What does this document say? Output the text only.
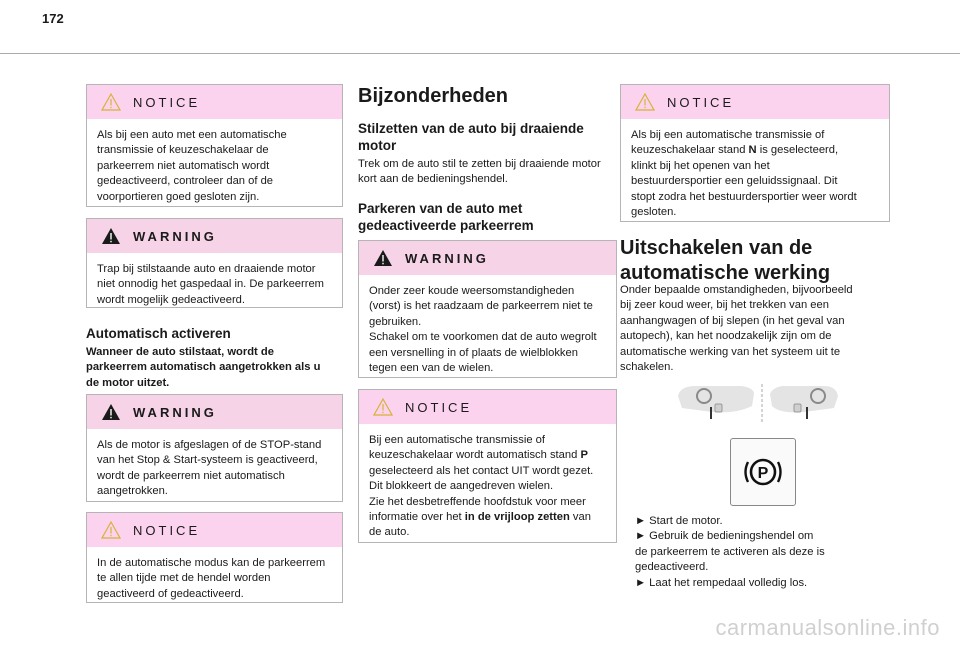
172
NOTICE
Als bij een auto met een automatische
transmissie of keuzeschakelaar de
parkeerrem niet automatisch wordt
gedeactiveerd, controleer dan of de
voorportieren goed gesloten zijn.
WARNING
Trap bij stilstaande auto en draaiende motor
niet onnodig het gaspedaal in. De parkeerrem
wordt mogelijk gedeactiveerd.
Automatisch activeren

Wanneer de auto stilstaat, wordt de
parkeerrem automatisch aangetrokken als u
de motor uitzet.

WARNING
Als de motor is afgeslagen of de STOP-stand
van het Stop & Start-systeem is geactiveerd,
wordt de parkeerrem niet automatisch
aangetrokken.
NOTICE
In de automatische modus kan de parkeerrem
te allen tijde met de hendel worden
geactiveerd of gedeactiveerd.
Bijzonderheden
Stilzetten van de auto bij draaiende
motor

Trek om de auto stil te zetten bij draaiende motor
kort aan de bedieningshendel.

Parkeren van de auto met
gedeactiveerde parkeerrem
WARNING
Onder zeer koude weersomstandigheden
(vorst) is het raadzaam de parkeerrem niet te
gebruiken.
Schakel om te voorkomen dat de auto wegrolt
een versnelling in of plaats de wielblokken
tegen een van de wielen.
NOTICE
Bij een automatische transmissie of
keuzeschakelaar wordt automatisch stand P
geselecteerd als het contact UIT wordt gezet.
Dit blokkeert de aangedreven wielen.
Zie het desbetreffende hoofdstuk voor meer
informatie over het in de vrijloop zetten van
de auto.
NOTICE
Als bij een automatische transmissie of
keuzeschakelaar stand N is geselecteerd,
klinkt bij het openen van het
bestuurdersportier een geluidssignaal. Dit
stopt zodra het bestuurdersportier weer wordt
gesloten.
Uitschakelen van de
automatische werking

Onder bepaalde omstandigheden, bijvoorbeeld
bij zeer koud weer, bij het trekken van een
aanhangwagen of bij slepen (in het geval van
autopech), kan het noodzakelijk zijn om de
automatische werking van het systeem uit te
schakelen.

P
► Start de motor.
► Gebruik de bedieningshendel om
de parkeerrem te activeren als deze is
gedeactiveerd.
► Laat het rempedaal volledig los.
carmanualsonline.info
